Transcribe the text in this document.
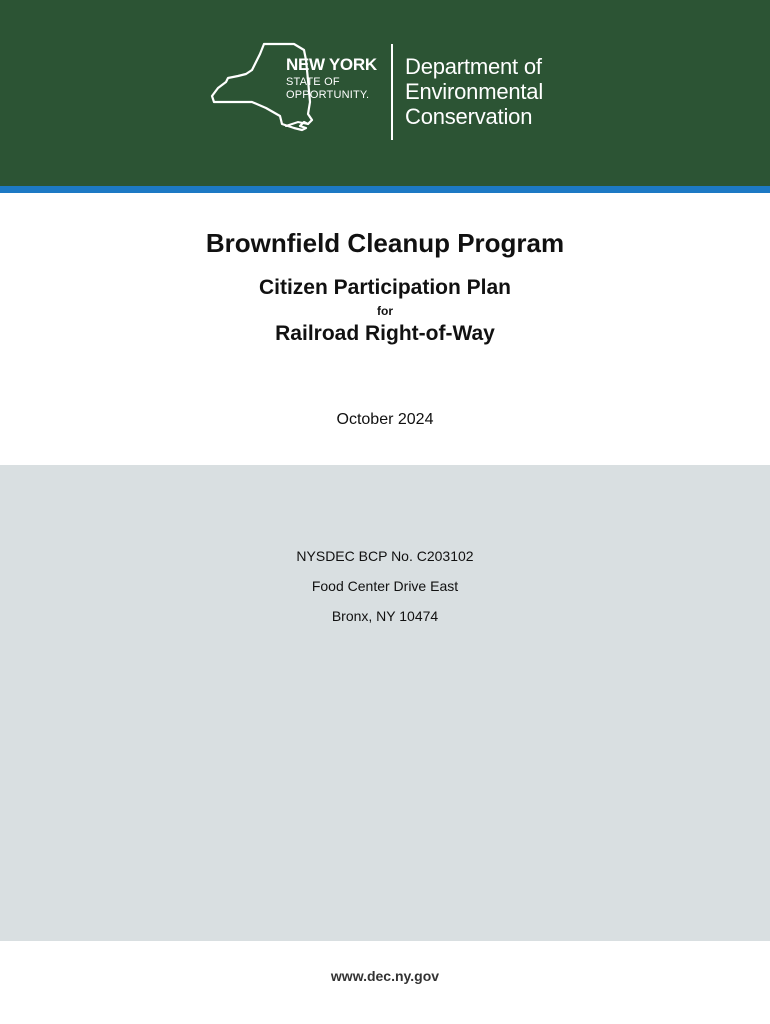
NEW YORK
STATE OF
OPPORTUNITY.
Department of
Environmental
Conservation
Brownfield Cleanup Program
Citizen Participation Plan
for
Railroad Right-of-Way
October 2024
NYSDEC BCP No. C203102
Food Center Drive East
Bronx, NY 10474
www.dec.ny.gov
